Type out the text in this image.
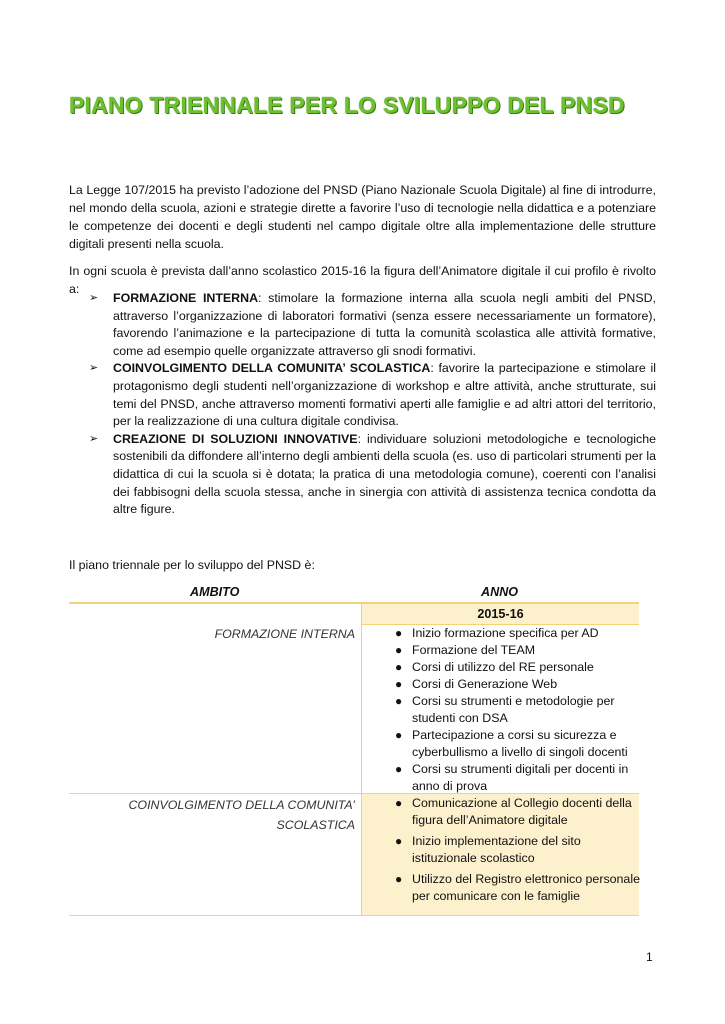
PIANO TRIENNALE PER LO SVILUPPO DEL PNSD

La Legge 107/2015 ha previsto l’adozione del PNSD (Piano Nazionale Scuola Digitale) al fine di introdurre, nel mondo della scuola, azioni e strategie dirette a favorire l’uso di tecnologie nella didattica e a potenziare le competenze dei docenti e degli studenti nel campo digitale oltre alla implementazione delle strutture digitali presenti nella scuola.

In ogni scuola è prevista dall’anno scolastico 2015-16 la figura dell’Animatore digitale il cui profilo è rivolto a:

➢ FORMAZIONE INTERNA: stimolare la formazione interna alla scuola negli ambiti del PNSD, attraverso l’organizzazione di laboratori formativi (senza essere necessariamente un formatore), favorendo l’animazione e la partecipazione di tutta la comunità scolastica alle attività formative, come ad esempio quelle organizzate attraverso gli snodi formativi.
➢ COINVOLGIMENTO DELLA COMUNITA’ SCOLASTICA: favorire la partecipazione e stimolare il protagonismo degli studenti nell’organizzazione di workshop e altre attività, anche strutturate, sui temi del PNSD, anche attraverso momenti formativi aperti alle famiglie e ad altri attori del territorio, per la realizzazione di una cultura digitale condivisa.
➢ CREAZIONE DI SOLUZIONI INNOVATIVE: individuare soluzioni metodologiche e tecnologiche sostenibili da diffondere all’interno degli ambienti della scuola (es. uso di particolari strumenti per la didattica di cui la scuola si è dotata; la pratica di una metodologia comune), coerenti con l’analisi dei fabbisogni della scuola stessa, anche in sinergia con attività di assistenza tecnica condotta da altre figure.

Il piano triennale per lo sviluppo del PNSD è:

AMBITO	ANNO
2015-16
FORMAZIONE INTERNA
COINVOLGIMENTO DELLA COMUNITA’
SCOLASTICA
● Inizio formazione specifica per AD
● Formazione del TEAM
● Corsi di utilizzo del RE personale
● Corsi di Generazione Web
● Corsi su strumenti e metodologie per studenti con DSA
● Partecipazione a corsi su sicurezza e cyberbullismo a livello di singoli docenti
● Corsi su strumenti digitali per docenti in anno di prova
● Comunicazione al Collegio docenti della figura dell’Animatore digitale
● Inizio implementazione del sito istituzionale scolastico
● Utilizzo del Registro elettronico personale per comunicare con le famiglie
1
